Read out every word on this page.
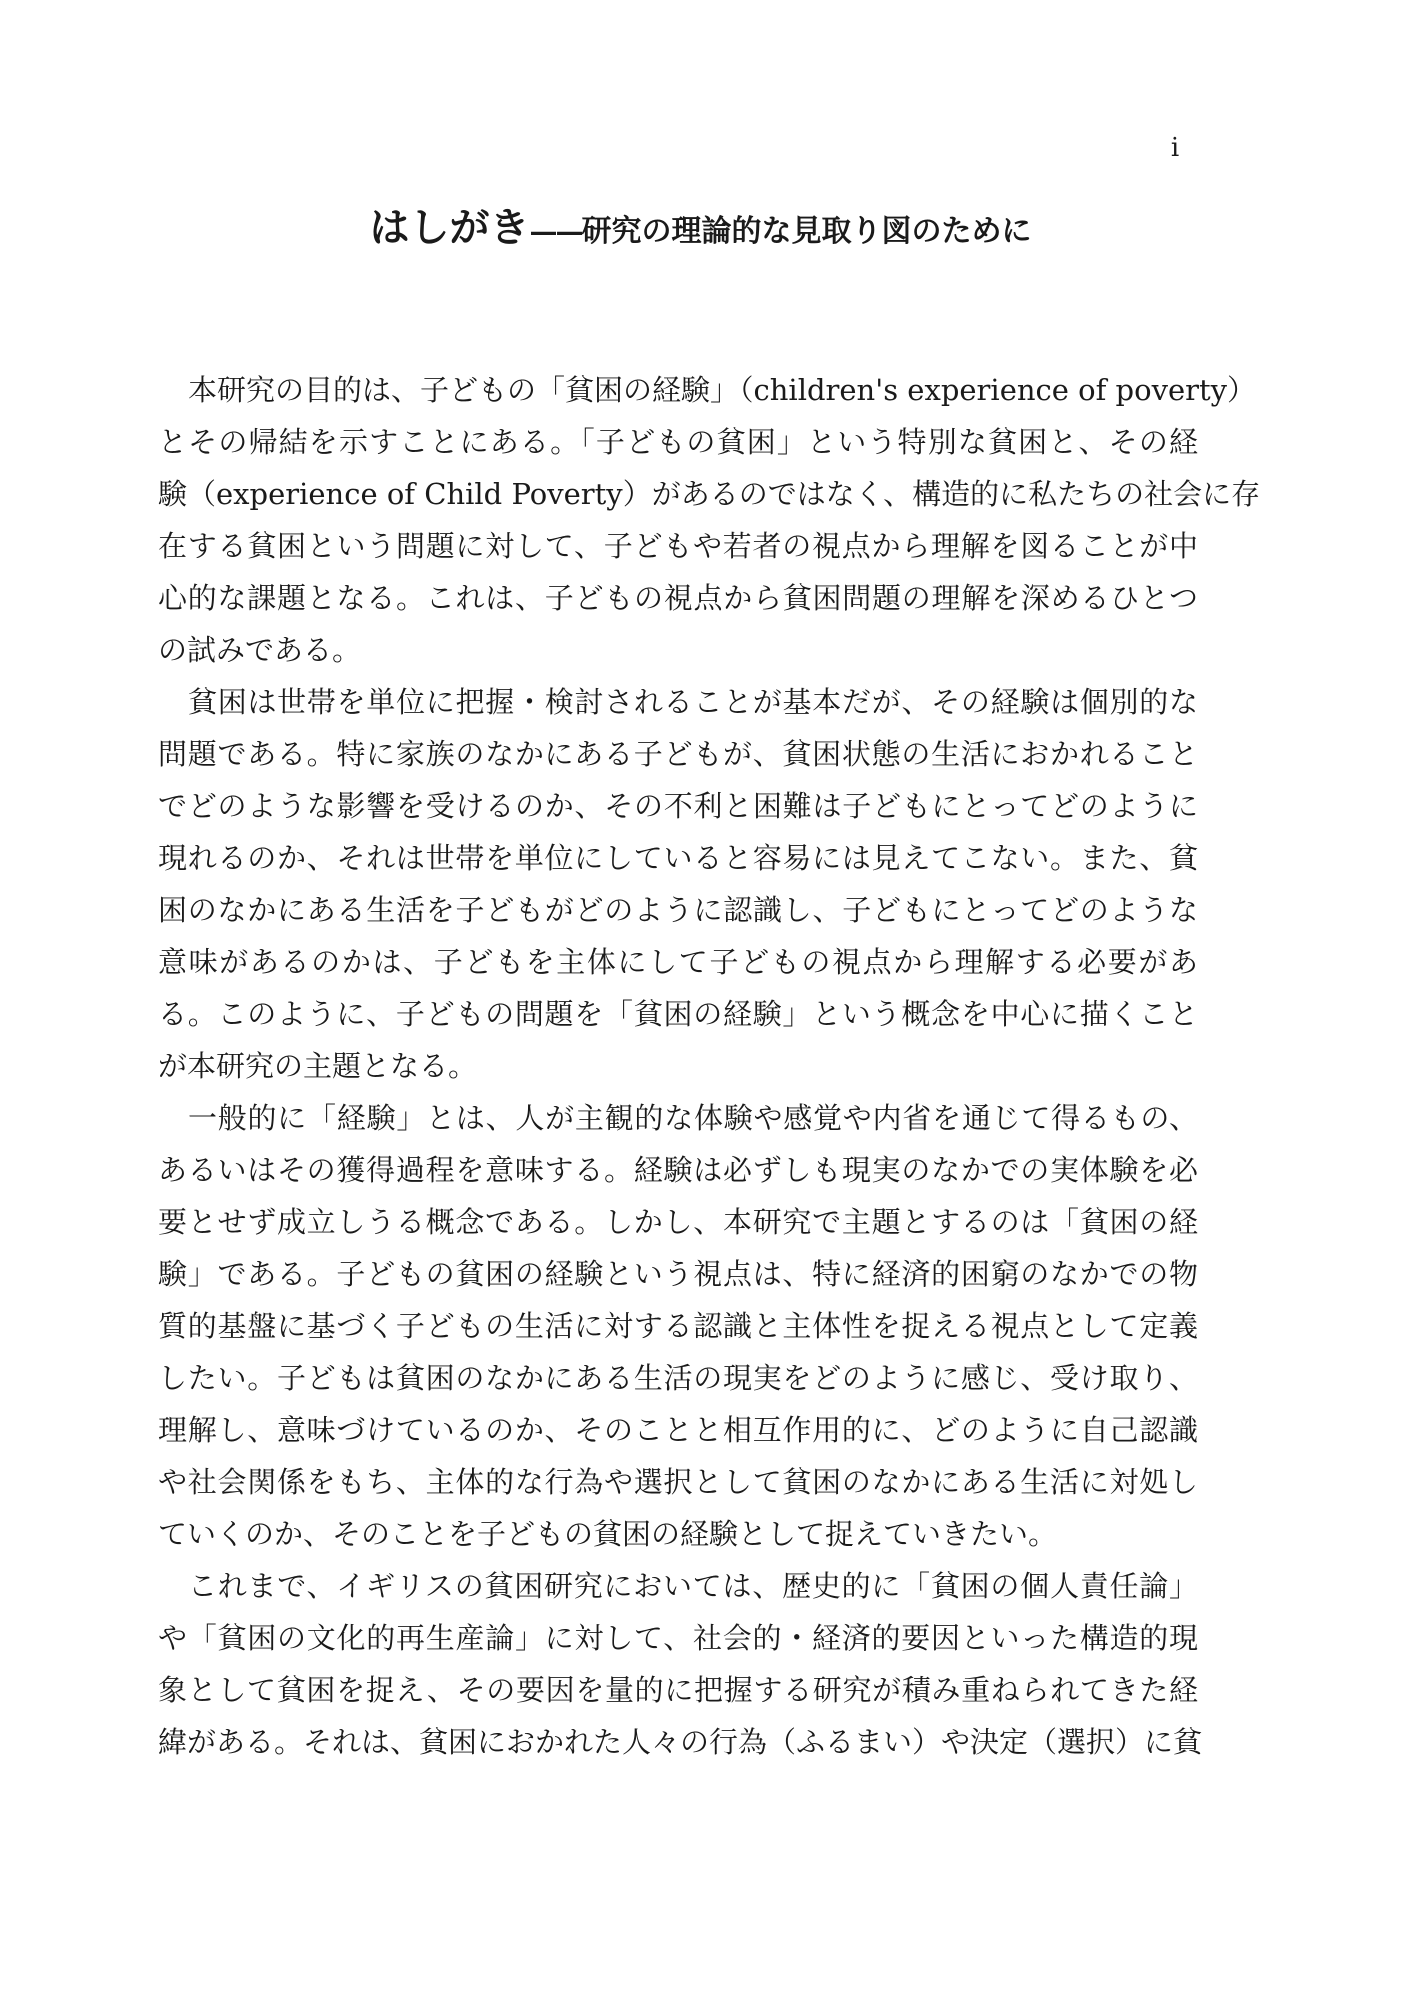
i
はしがき——研究の理論的な見取り図のために
本研究の目的は、子どもの「貧困の経験」（children's experience of poverty）
とその帰結を示すことにある。「子どもの貧困」という特別な貧困と、その経
験（experience of Child Poverty）があるのではなく、構造的に私たちの社会に存
在する貧困という問題に対して、子どもや若者の視点から理解を図ることが中
心的な課題となる。これは、子どもの視点から貧困問題の理解を深めるひとつ
の試みである。
貧困は世帯を単位に把握・検討されることが基本だが、その経験は個別的な
問題である。特に家族のなかにある子どもが、貧困状態の生活におかれること
でどのような影響を受けるのか、その不利と困難は子どもにとってどのように
現れるのか、それは世帯を単位にしていると容易には見えてこない。また、貧
困のなかにある生活を子どもがどのように認識し、子どもにとってどのような
意味があるのかは、子どもを主体にして子どもの視点から理解する必要があ
る。このように、子どもの問題を「貧困の経験」という概念を中心に描くこと
が本研究の主題となる。
一般的に「経験」とは、人が主観的な体験や感覚や内省を通じて得るもの、
あるいはその獲得過程を意味する。経験は必ずしも現実のなかでの実体験を必
要とせず成立しうる概念である。しかし、本研究で主題とするのは「貧困の経
験」である。子どもの貧困の経験という視点は、特に経済的困窮のなかでの物
質的基盤に基づく子どもの生活に対する認識と主体性を捉える視点として定義
したい。子どもは貧困のなかにある生活の現実をどのように感じ、受け取り、
理解し、意味づけているのか、そのことと相互作用的に、どのように自己認識
や社会関係をもち、主体的な行為や選択として貧困のなかにある生活に対処し
ていくのか、そのことを子どもの貧困の経験として捉えていきたい。
これまで、イギリスの貧困研究においては、歴史的に「貧困の個人責任論」
や「貧困の文化的再生産論」に対して、社会的・経済的要因といった構造的現
象として貧困を捉え、その要因を量的に把握する研究が積み重ねられてきた経
緯がある。それは、貧困におかれた人々の行為（ふるまい）や決定（選択）に貧
